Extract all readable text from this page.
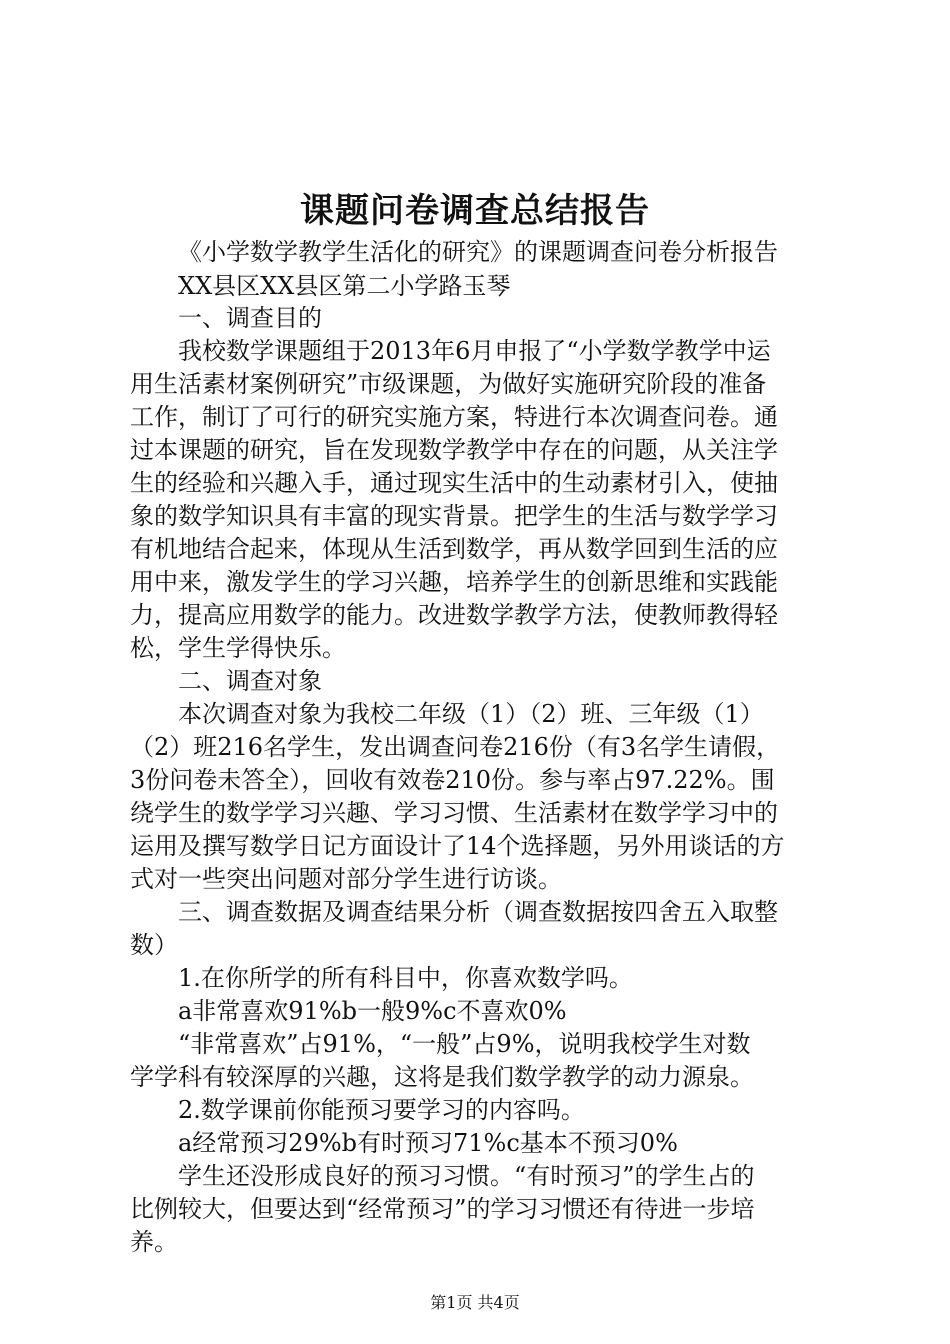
课题问卷调查总结报告
《小学数学教学生活化的研究》的课题调查问卷分析报告
XX县区XX县区第二小学路玉琴
一、调查目的
我校数学课题组于2013年6月申报了“小学数学教学中运
用生活素材案例研究”市级课题，为做好实施研究阶段的准备
工作，制订了可行的研究实施方案，特进行本次调查问卷。通
过本课题的研究，旨在发现数学教学中存在的问题，从关注学
生的经验和兴趣入手，通过现实生活中的生动素材引入，使抽
象的数学知识具有丰富的现实背景。把学生的生活与数学学习
有机地结合起来，体现从生活到数学，再从数学回到生活的应
用中来，激发学生的学习兴趣，培养学生的创新思维和实践能
力，提高应用数学的能力。改进数学教学方法，使教师教得轻
松，学生学得快乐。
二、调查对象
本次调查对象为我校二年级（1）（2）班、三年级（1）
（2）班216名学生，发出调查问卷216份（有3名学生请假，
3份问卷未答全），回收有效卷210份。参与率占97.22%。围
绕学生的数学学习兴趣、学习习惯、生活素材在数学学习中的
运用及撰写数学日记方面设计了14个选择题，另外用谈话的方
式对一些突出问题对部分学生进行访谈。
三、调查数据及调查结果分析（调查数据按四舍五入取整
数）
1.在你所学的所有科目中，你喜欢数学吗。
a非常喜欢91%b一般9%c不喜欢0%
“非常喜欢”占91%，“一般”占9%，说明我校学生对数
学学科有较深厚的兴趣，这将是我们数学教学的动力源泉。
2.数学课前你能预习要学习的内容吗。
a经常预习29%b有时预习71%c基本不预习0%
学生还没形成良好的预习习惯。“有时预习”的学生占的
比例较大，但要达到“经常预习”的学习习惯还有待进一步培
养。
第1页 共4页
